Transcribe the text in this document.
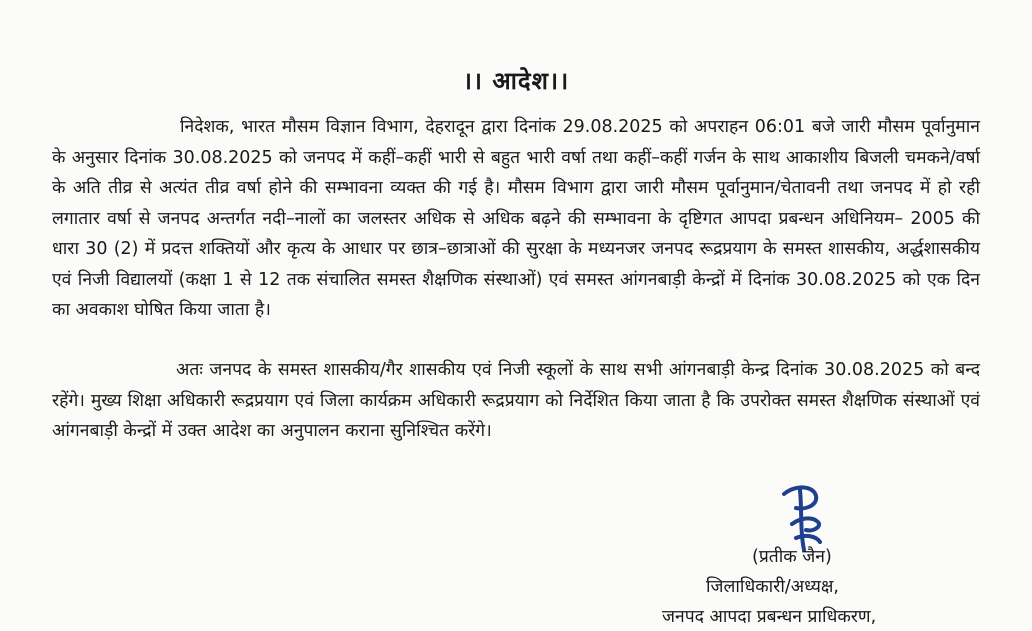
।। आदेश।।
निदेशक, भारत मौसम विज्ञान विभाग, देहरादून द्वारा दिनांक 29.08.2025 को अपराहन 06:01 बजे जारी मौसम पूर्वानुमान के अनुसार दिनांक 30.08.2025 को जनपद में कहीं–कहीं भारी से बहुत भारी वर्षा तथा कहीं–कहीं गर्जन के साथ आकाशीय बिजली चमकने/वर्षा के अति तीव्र से अत्यंत तीव्र वर्षा होने की सम्भावना व्यक्त की गई है। मौसम विभाग द्वारा जारी मौसम पूर्वानुमान/चेतावनी तथा जनपद में हो रही लगातार वर्षा से जनपद अन्तर्गत नदी–नालों का जलस्तर अधिक से अधिक बढ़ने की सम्भावना के दृष्टिगत आपदा प्रबन्धन अधिनियम– 2005 की धारा 30 (2) में प्रदत्त शक्तियों और कृत्य के आधार पर छात्र–छात्राओं की सुरक्षा के मध्यनजर जनपद रूद्रप्रयाग के समस्त शासकीय, अर्द्धशासकीय एवं निजी विद्यालयों (कक्षा 1 से 12 तक संचालित समस्त शैक्षणिक संस्थाओं) एवं समस्त आंगनबाड़ी केन्द्रों में दिनांक 30.08.2025 को एक दिन का अवकाश घोषित किया जाता है।
अतः जनपद के समस्त शासकीय/गैर शासकीय एवं निजी स्कूलों के साथ सभी आंगनबाड़ी केन्द्र दिनांक 30.08.2025 को बन्द रहेंगे। मुख्य शिक्षा अधिकारी रूद्रप्रयाग एवं जिला कार्यक्रम अधिकारी रूद्रप्रयाग को निर्देशित किया जाता है कि उपरोक्त समस्त शैक्षणिक संस्थाओं एवं आंगनबाड़ी केन्द्रों में उक्त आदेश का अनुपालन कराना सुनिश्चित करेंगे।
(प्रतीक जैन)
जिलाधिकारी/अध्यक्ष,
जनपद आपदा प्रबन्धन प्राधिकरण,
